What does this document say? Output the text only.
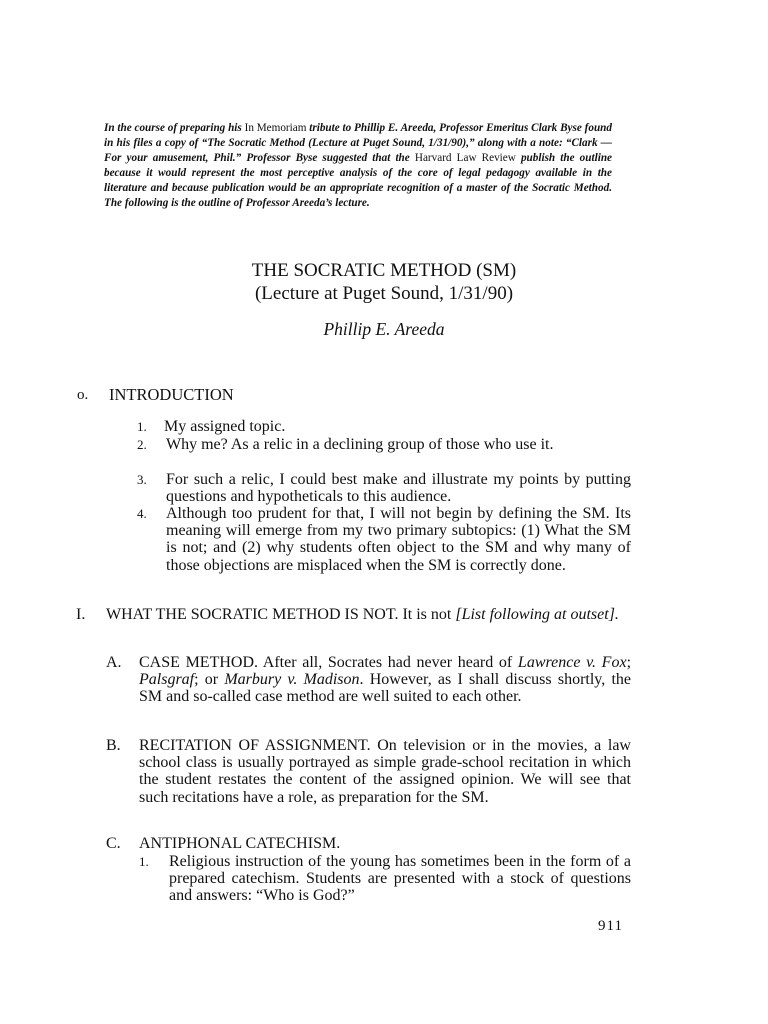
In the course of preparing his In Memoriam tribute to Phillip E. Areeda, Professor Emeritus Clark Byse found in his files a copy of “The Socratic Method (Lecture at Puget Sound, 1/31/90),” along with a note: “Clark — For your amusement, Phil.” Professor Byse suggested that the Harvard Law Review publish the outline because it would represent the most perceptive analysis of the core of legal pedagogy available in the literature and because publication would be an appropriate recognition of a master of the Socratic Method. The following is the outline of Professor Areeda’s lecture.
THE SOCRATIC METHOD (SM)
(Lecture at Puget Sound, 1/31/90)
Phillip E. Areeda
o. INTRODUCTION
1. My assigned topic.
2.	Why me? As a relic in a declining group of those who use it.
3.	For such a relic, I could best make and illustrate my points by putting questions and hypotheticals to this audience.
4.	Although too prudent for that, I will not begin by defining the SM. Its meaning will emerge from my two primary subtopics: (1) What the SM is not; and (2) why students often object to the SM and why many of those objections are misplaced when the SM is correctly done.
I. WHAT THE SOCRATIC METHOD IS NOT. It is not [List following at outset].
A. CASE METHOD. After all, Socrates had never heard of Lawrence v. Fox; Palsgraf; or Marbury v. Madison. However, as I shall discuss shortly, the SM and so-called case method are well suited to each other.
B. RECITATION OF ASSIGNMENT. On television or in the movies, a law school class is usually portrayed as simple grade-school recitation in which the student restates the content of the assigned opinion. We will see that such recitations have a role, as preparation for the SM.
C. ANTIPHONAL CATECHISM.
1.	Religious instruction of the young has sometimes been in the form of a prepared catechism. Students are presented with a stock of questions and answers: “Who is God?”
911
